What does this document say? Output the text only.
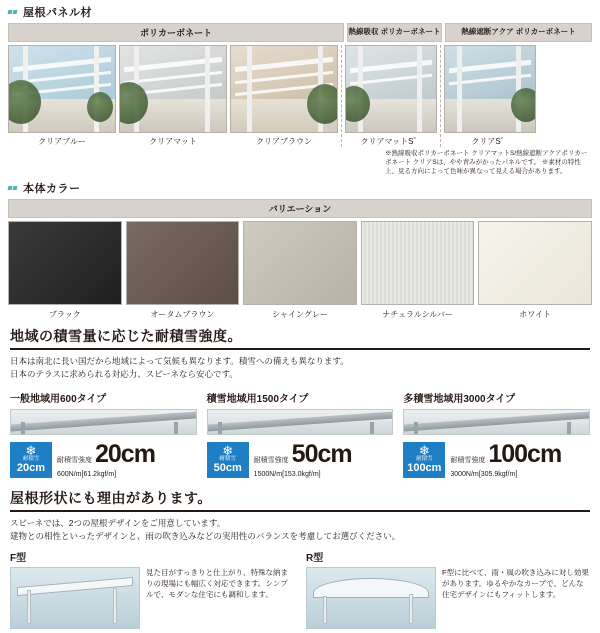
屋根パネル材
ポリカーボネート	熱線吸収 ポリカーボネート	熱線遮断アクア ポリカーボネート
クリアブルー	クリアマット	クリアブラウン	クリアマットS゜	クリアS゜
※熱線吸収ポリカーボネート クリアマットS/熱線遮断アクアポリカーボネート クリアSは、やや青みがかったパネルです。 ※素材の特性上、見る方向によって色味が異なって見える場合があります。
本体カラー
バリエーション
ブラック	オータムブラウン	シャイングレー	ナチュラルシルバー	ホワイト
地域の積雪量に応じた耐積雪強度。
日本は南北に長い国だから地域によって気候も異なります。積雪への備えも異なります。
日本のテラスに求められる対応力、スピーネなら安心です。
一般地域用600タイプ
❄
耐積雪
20cm
耐積雪強度 20cm
600N/m[61.2kgf/m]
積雪地域用1500タイプ
❄
耐積雪
50cm
耐積雪強度 50cm
1500N/m[153.0kgf/m]
多積雪地域用3000タイプ
❄
耐積雪
100cm
耐積雪強度 100cm
3000N/m[305.9kgf/m]
屋根形状にも理由があります。
スピーネでは、2つの屋根デザインをご用意しています。
建物との相性といったデザインと、雨の吹き込みなどの実用性のバランスを考慮してお選びください。
F型
見た目がすっきりと仕上がり、特殊な納まりの現場にも幅広く対応できます。シンプルで、モダンな住宅にも調和します。
R型
F型に比べて、雨・風の吹き込みに対し効果があります。ゆるやかなカーブで、どんな住宅デザインにもフィットします。
